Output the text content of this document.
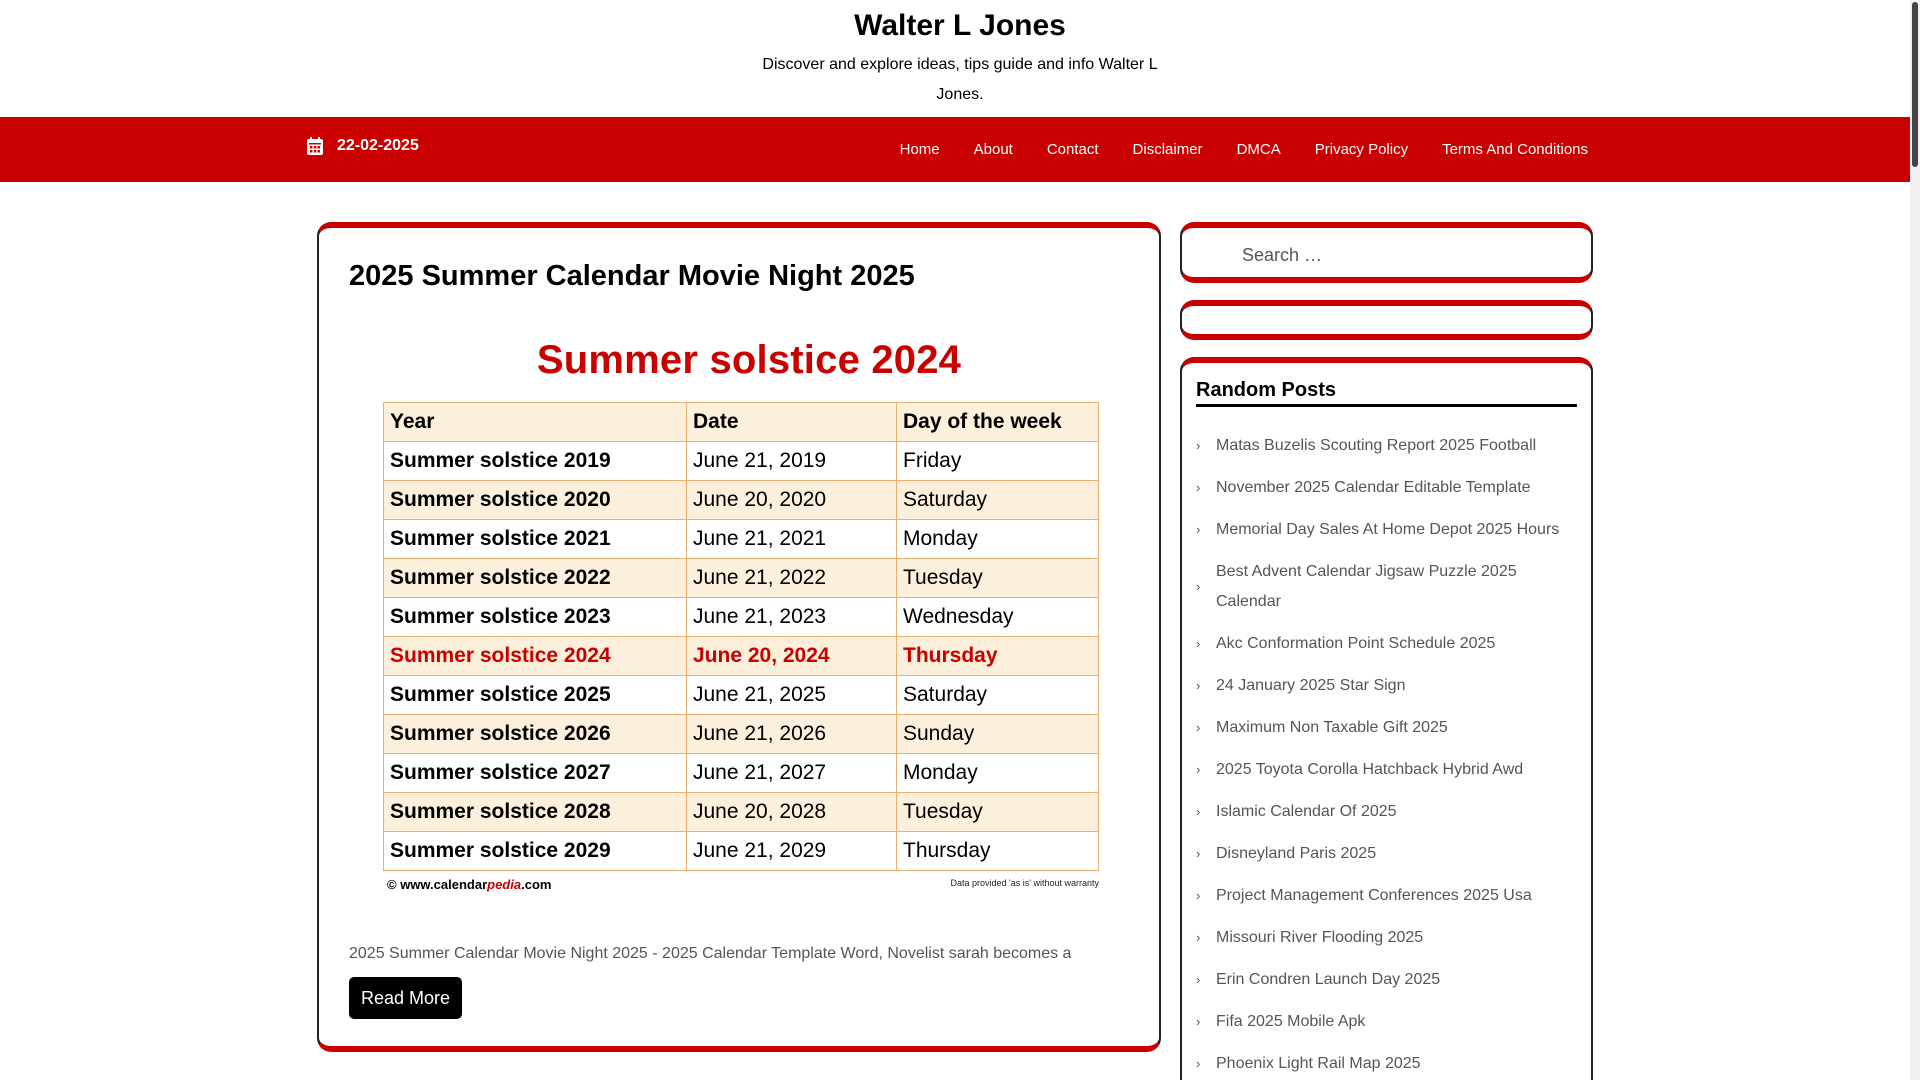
Walter L Jones
Discover and explore ideas, tips guide and info Walter L Jones.
22-02-2025	Home About Contact Disclaimer DMCA Privacy Policy Terms And Conditions
2025 Summer Calendar Movie Night 2025
Summer solstice 2024
Year	Date	Day of the week
Summer solstice 2019	June 21, 2019	Friday
Summer solstice 2020	June 20, 2020	Saturday
Summer solstice 2021	June 21, 2021	Monday
Summer solstice 2022	June 21, 2022	Tuesday
Summer solstice 2023	June 21, 2023	Wednesday
Summer solstice 2024	June 20, 2024	Thursday
Summer solstice 2025	June 21, 2025	Saturday
Summer solstice 2026	June 21, 2026	Sunday
Summer solstice 2027	June 21, 2027	Monday
Summer solstice 2028	June 20, 2028	Tuesday
Summer solstice 2029	June 21, 2029	Thursday
© www.calendarpedia.com	Data provided 'as is' without warranty

2025 Summer Calendar Movie Night 2025 - 2025 Calendar Template Word, Novelist sarah becomes a

Read More
Search …
Random Posts
› Matas Buzelis Scouting Report 2025 Football
› November 2025 Calendar Editable Template
› Memorial Day Sales At Home Depot 2025 Hours
›
Best Advent Calendar Jigsaw Puzzle 2025 Calendar
› Akc Conformation Point Schedule 2025
› 24 January 2025 Star Sign
› Maximum Non Taxable Gift 2025
› 2025 Toyota Corolla Hatchback Hybrid Awd
› Islamic Calendar Of 2025
› Disneyland Paris 2025
› Project Management Conferences 2025 Usa
› Missouri River Flooding 2025
› Erin Condren Launch Day 2025
› Fifa 2025 Mobile Apk
› Phoenix Light Rail Map 2025
